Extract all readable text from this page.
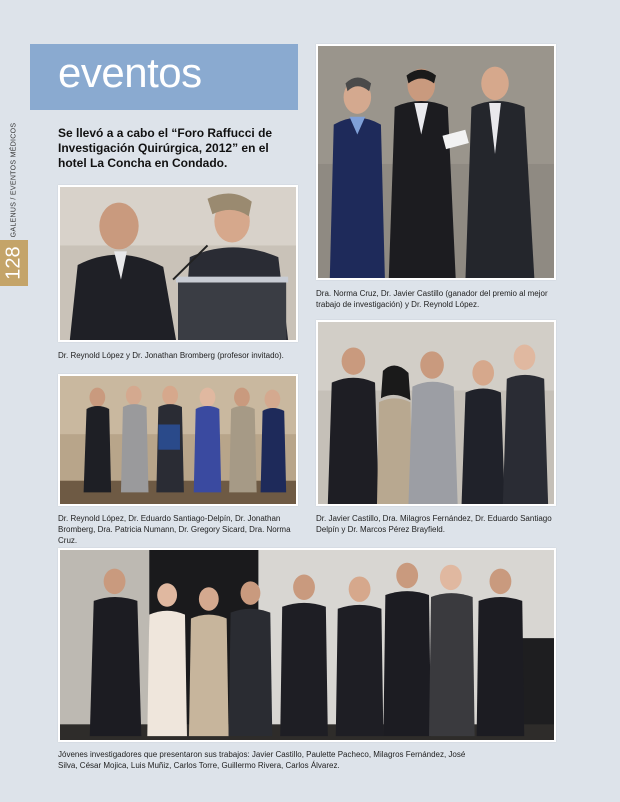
128
GALENUS / EVENTOS MÉDICOS
eventos
Se llevó a a cabo el “Foro Raffucci de Investigación Quirúrgica, 2012” en el hotel La Concha en Condado.
Dr. Reynold López y Dr. Jonathan Bromberg (profesor invitado).
Dra. Norma Cruz, Dr. Javier Castillo (ganador del premio al mejor trabajo de investigación) y Dr. Reynold López.
Dr. Reynold López, Dr. Eduardo Santiago-Delpín, Dr. Jonathan Bromberg, Dra. Patricia Numann, Dr. Gregory Sicard, Dra. Norma Cruz.
Dr. Javier Castillo, Dra. Milagros Fernández, Dr. Eduardo Santiago Delpín y Dr. Marcos Pérez Brayfield.
Jóvenes investigadores que presentaron sus trabajos: Javier Castillo, Paulette Pacheco, Milagros Fernández, José Silva, César Mojica, Luis Muñiz, Carlos Torre, Guillermo Rivera, Carlos Álvarez.
